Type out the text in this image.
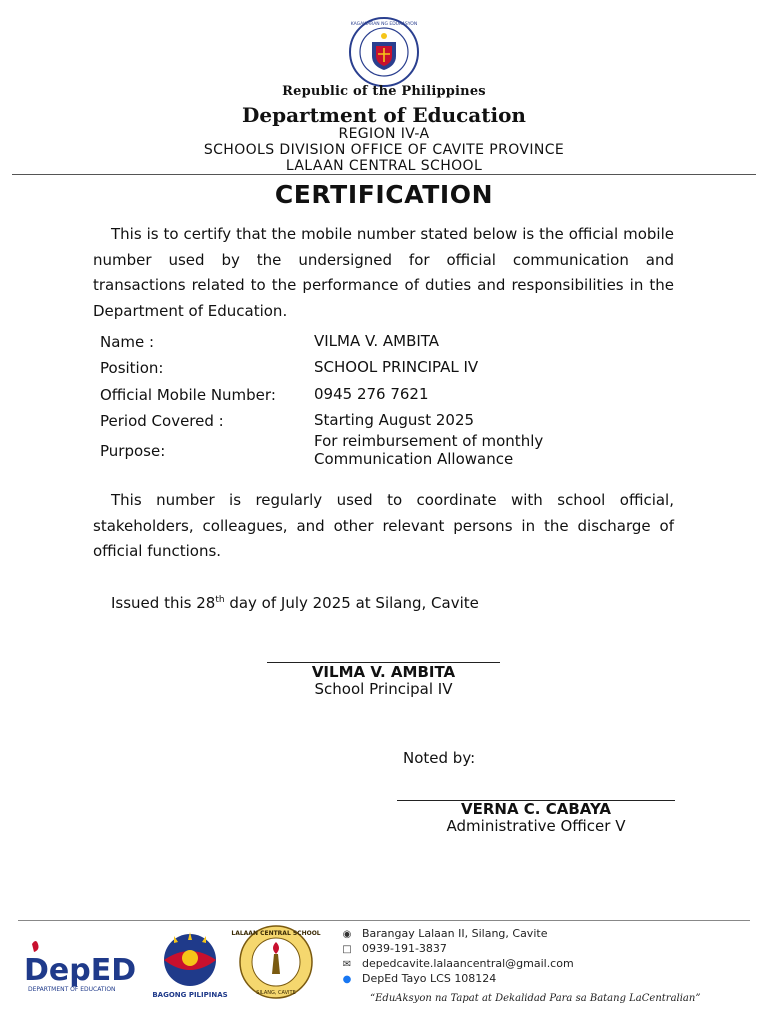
KAGAWARAN NG EDUKASYON
Republic of the Philippines
Department of Education
REGION IV-A
SCHOOLS DIVISION OFFICE OF CAVITE PROVINCE
LALAAN CENTRAL SCHOOL
CERTIFICATION
This is to certify that the mobile number stated below is the official mobile number used by the undersigned for official communication and transactions related to the performance of duties and responsibilities in the Department of Education.
Name :	VILMA V. AMBITA
Position:	SCHOOL PRINCIPAL IV
Official Mobile Number:	0945 276 7621
Period Covered :	Starting August 2025
Purpose:
For reimbursement of monthly
Communication Allowance
This number is regularly used to coordinate with school official, stakeholders, colleagues, and other relevant persons in the discharge of official functions.
Issued this 28th day of July 2025 at Silang, Cavite
VILMA V. AMBITA
School Principal IV
Noted by:
VERNA C. CABAYA
Administrative Officer V
DepED
DEPARTMENT OF EDUCATION
BAGONG PILIPINAS
LALAAN CENTRAL SCHOOL
SILANG, CAVITE
◉ Barangay Lalaan II, Silang, Cavite
□ 0939-191-3837
✉ depedcavite.lalaancentral@gmail.com
● DepEd Tayo LCS 108124
“EduAksyon na Tapat at Dekalidad Para sa Batang LaCentralian”
